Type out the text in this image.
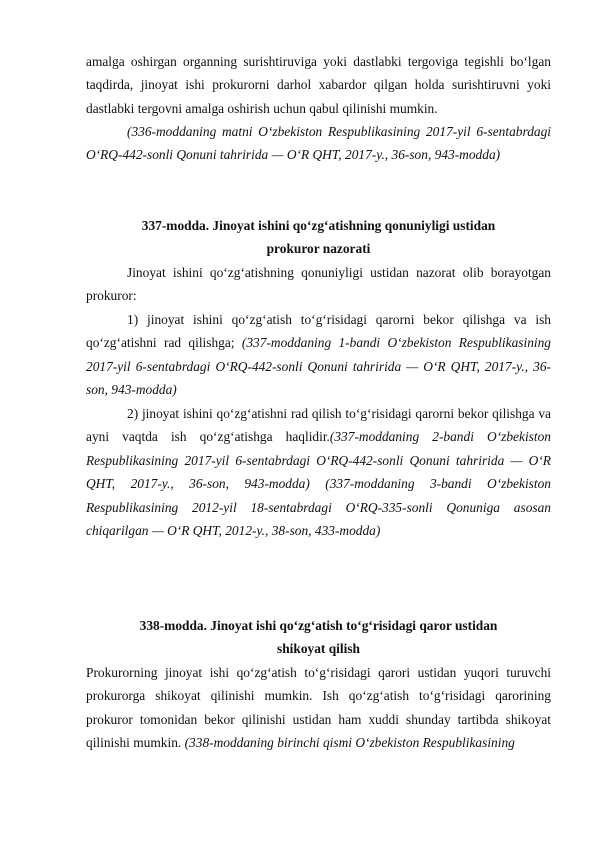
amalga oshirgan organning surishtiruviga yoki dastlabki tergoviga tegishli bo‘lgan taqdirda, jinoyat ishi prokurorni darhol xabardor qilgan holda surishtiruvni yoki dastlabki tergovni amalga oshirish uchun qabul qilinishi mumkin.

(336-moddaning matni O‘zbekiston Respublikasining 2017-yil 6-sentabrdagi O‘RQ-442-sonli Qonuni tahririda — O‘R QHT, 2017-y., 36-son, 943-modda)

337-modda. Jinoyat ishini qo‘zg‘atishning qonuniyligi ustidan
prokuror nazorati

Jinoyat ishini qo‘zg‘atishning qonuniyligi ustidan nazorat olib borayotgan prokuror:

1) jinoyat ishini qo‘zg‘atish to‘g‘risidagi qarorni bekor qilishga va ish qo‘zg‘atishni rad qilishga; (337-moddaning 1-bandi O‘zbekiston Respublikasining 2017-yil 6-sentabrdagi O‘RQ-442-sonli Qonuni tahririda — O‘R QHT, 2017-y., 36-son, 943-modda)

2) jinoyat ishini qo‘zg‘atishni rad qilish to‘g‘risidagi qarorni bekor qilishga va ayni vaqtda ish qo‘zg‘atishga haqlidir.(337-moddaning 2-bandi O‘zbekiston Respublikasining 2017-yil 6-sentabrdagi O‘RQ-442-sonli Qonuni tahririda — O‘R QHT, 2017-y., 36-son, 943-modda) (337-moddaning 3-bandi O‘zbekiston Respublikasining 2012-yil 18-sentabrdagi O‘RQ-335-sonli Qonuniga asosan chiqarilgan — O‘R QHT, 2012-y., 38-son, 433-modda)

338-modda. Jinoyat ishi qo‘zg‘atish to‘g‘risidagi qaror ustidan
shikoyat qilish

Prokurorning jinoyat ishi qo‘zg‘atish to‘g‘risidagi qarori ustidan yuqori turuvchi prokurorga shikoyat qilinishi mumkin. Ish qo‘zg‘atish to‘g‘risidagi qarorining prokuror tomonidan bekor qilinishi ustidan ham xuddi shunday tartibda shikoyat qilinishi mumkin. (338-moddaning birinchi qismi O‘zbekiston Respublikasining
